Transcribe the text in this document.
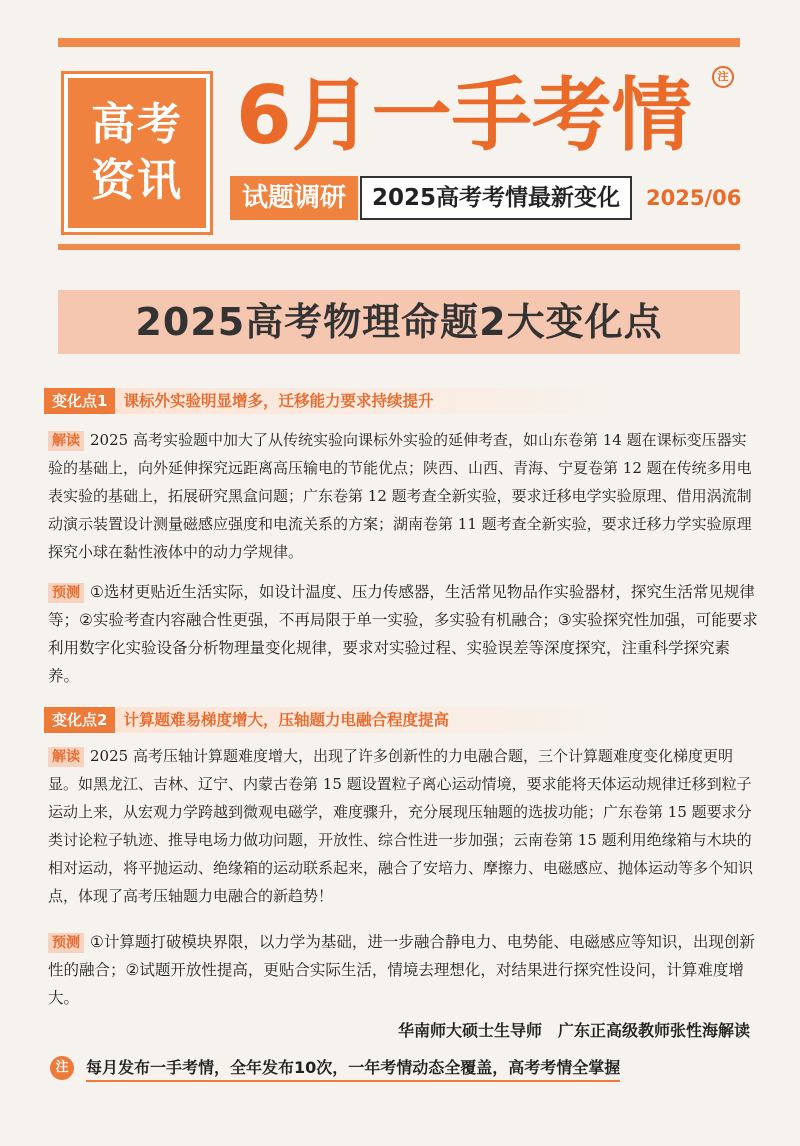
高考
资讯
6月一手考情	注
试题调研	2025高考考情最新变化	2025/06
2025高考物理命题2大变化点
变化点1	课标外实验明显增多，迁移能力要求持续提升
解读 2025 高考实验题中加大了从传统实验向课标外实验的延伸考查，如山东卷第 14 题在课标变压器实验的基础上，向外延伸探究远距离高压输电的节能优点；陕西、山西、青海、宁夏卷第 12 题在传统多用电表实验的基础上，拓展研究黑盒问题；广东卷第 12 题考查全新实验，要求迁移电学实验原理、借用涡流制动演示装置设计测量磁感应强度和电流关系的方案；湖南卷第 11 题考查全新实验，要求迁移力学实验原理探究小球在黏性液体中的动力学规律。
预测 ①选材更贴近生活实际，如设计温度、压力传感器，生活常见物品作实验器材，探究生活常见规律等；②实验考查内容融合性更强，不再局限于单一实验，多实验有机融合；③实验探究性加强，可能要求利用数字化实验设备分析物理量变化规律，要求对实验过程、实验误差等深度探究，注重科学探究素养。
变化点2	计算题难易梯度增大，压轴题力电融合程度提高
解读 2025 高考压轴计算题难度增大，出现了许多创新性的力电融合题，三个计算题难度变化梯度更明显。如黑龙江、吉林、辽宁、内蒙古卷第 15 题设置粒子离心运动情境，要求能将天体运动规律迁移到粒子运动上来，从宏观力学跨越到微观电磁学，难度骤升，充分展现压轴题的选拔功能；广东卷第 15 题要求分类讨论粒子轨迹、推导电场力做功问题，开放性、综合性进一步加强；云南卷第 15 题利用绝缘箱与木块的相对运动，将平抛运动、绝缘箱的运动联系起来，融合了安培力、摩擦力、电磁感应、抛体运动等多个知识点，体现了高考压轴题力电融合的新趋势！
预测 ①计算题打破模块界限，以力学为基础，进一步融合静电力、电势能、电磁感应等知识，出现创新性的融合；②试题开放性提高，更贴合实际生活，情境去理想化，对结果进行探究性设问，计算难度增大。
华南师大硕士生导师　广东正高级教师张性海解读
注	每月发布一手考情，全年发布10次，一年考情动态全覆盖，高考考情全掌握
